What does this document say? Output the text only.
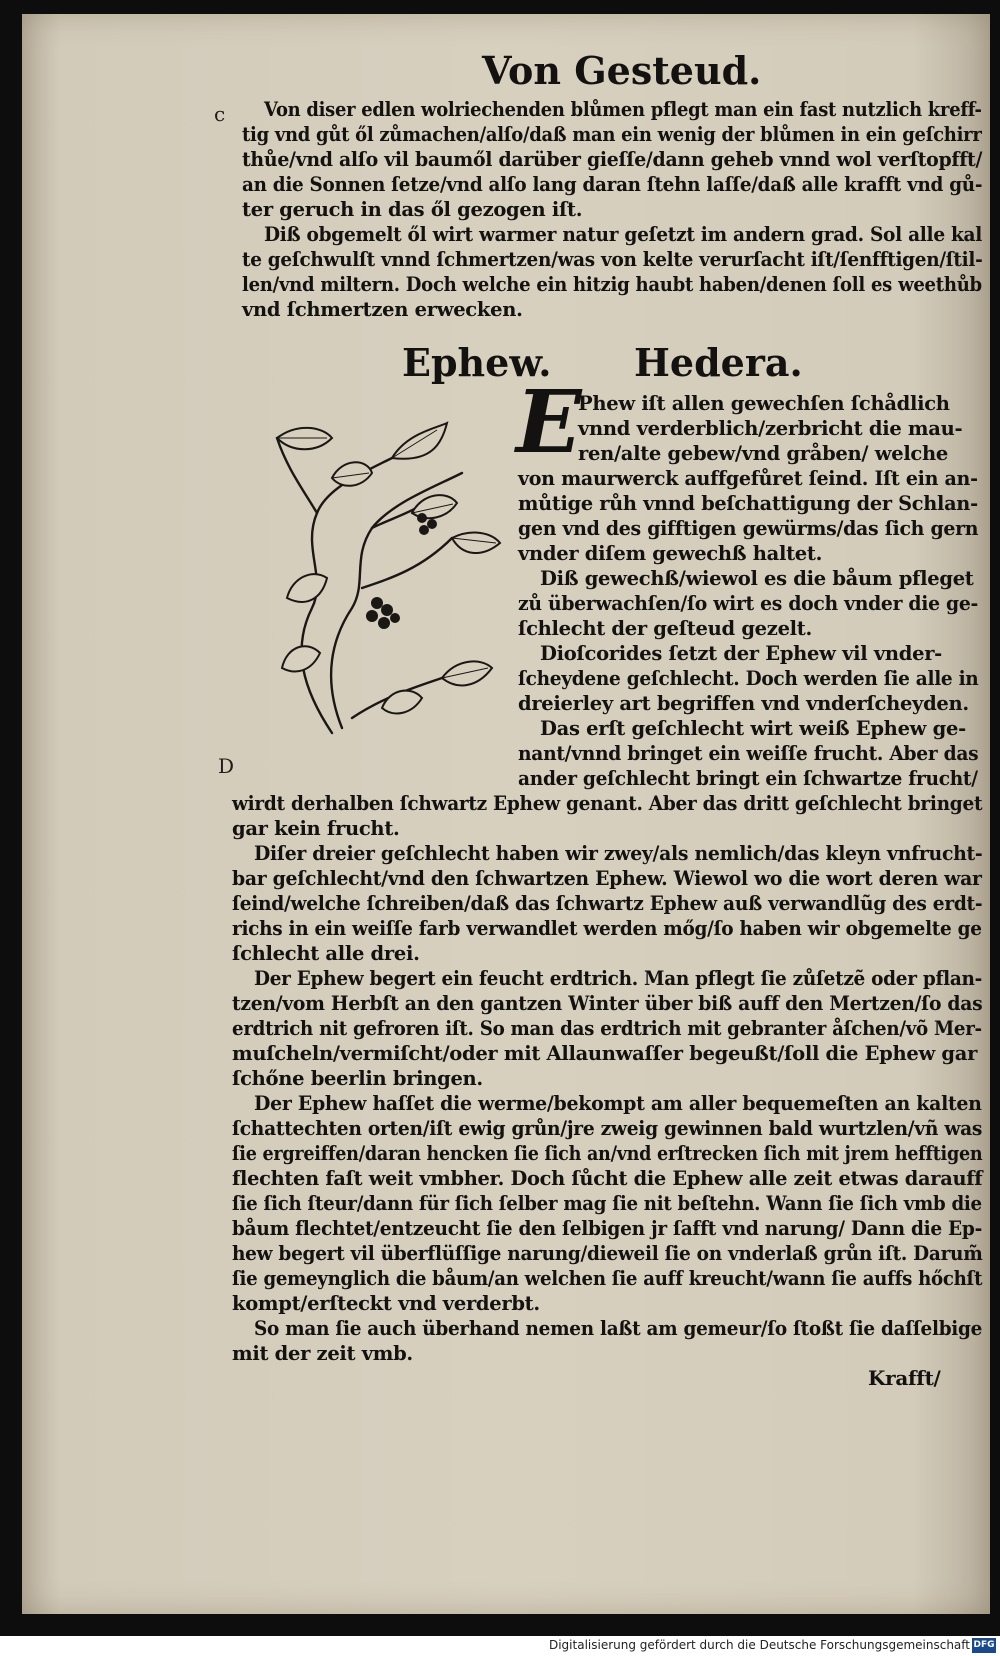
Von Gesteud.
c Von diser edlen wolriechenden blůmen pflegt man ein fast nutzlich kreff-
tig vnd gůt ől zůmachen/alſo/daß man ein wenig der blůmen in ein geſchirr
thůe/vnd alſo vil baumől darüber gieſſe/dann geheb vnnd wol verſtopfft/
an die Sonnen ſetze/vnd alſo lang daran ſtehn laſſe/daß alle krafft vnd gů-
ter geruch in das ől gezogen iſt.
Diß obgemelt ől wirt warmer natur geſetzt im andern grad. Sol alle kal
te geſchwulſt vnnd ſchmertzen/was von kelte verurſacht iſt/ſenfftigen/ſtil-
len/vnd miltern. Doch welche ein hitzig haubt haben/denen ſoll es weethůb
vnd ſchmertzen erwecken.
Ephew. Hedera.
D
E
Phew iſt allen gewechſen ſchådlich
vnnd verderblich/zerbricht die mau-
ren/alte gebew/vnd gråben/ welche
von maurwerck auffgefůret ſeind. Iſt ein an-
můtige růh vnnd beſchattigung der Schlan-
gen vnd des gifftigen gewürms/das ſich gern
vnder diſem gewechß haltet.
Diß gewechß/wiewol es die båum pfleget
zů überwachſen/ſo wirt es doch vnder die ge-
ſchlecht der geſteud gezelt.
Dioſcorides ſetzt der Ephew vil vnder-
ſcheydene geſchlecht. Doch werden ſie alle in
dreierley art begriffen vnd vnderſcheyden.
Das erſt geſchlecht wirt weiß Ephew ge-
nant/vnnd bringet ein weiſſe frucht. Aber das
ander geſchlecht bringt ein ſchwartze frucht/
wirdt derhalben ſchwartz Ephew genant. Aber das dritt geſchlecht bringet
gar kein frucht.
Diſer dreier geſchlecht haben wir zwey/als nemlich/das kleyn vnfrucht-
bar geſchlecht/vnd den ſchwartzen Ephew. Wiewol wo die wort deren war
ſeind/welche ſchreiben/daß das ſchwartz Ephew auß verwandlũg des erdt-
richs in ein weiſſe farb verwandlet werden mőg/ſo haben wir obgemelte ge
ſchlecht alle drei.
Der Ephew begert ein feucht erdtrich. Man pflegt ſie zůſetzẽ oder pflan-
tzen/vom Herbſt an den gantzen Winter über biß auff den Mertzen/ſo das
erdtrich nit gefroren iſt. So man das erdtrich mit gebranter åſchen/võ Mer-
muſcheln/vermiſcht/oder mit Allaunwaſſer begeußt/ſoll die Ephew gar
ſchőne beerlin bringen.
Der Ephew haſſet die werme/bekompt am aller bequemeſten an kalten
ſchattechten orten/iſt ewig grůn/jre zweig gewinnen bald wurtzlen/vñ was
ſie ergreiffen/daran hencken ſie ſich an/vnd erſtrecken ſich mit jrem hefftigen
flechten faſt weit vmbher. Doch ſůcht die Ephew alle zeit etwas darauff
ſie ſich ſteur/dann für ſich ſelber mag ſie nit beſtehn. Wann ſie ſich vmb die
båum flechtet/entzeucht ſie den ſelbigen jr ſafft vnd narung/ Dann die Ep-
hew begert vil überflüſſige narung/dieweil ſie on vnderlaß grůn iſt. Darum̃
ſie gemeynglich die båum/an welchen ſie auff kreucht/wann ſie auffs hőchſt
kompt/erſteckt vnd verderbt.
So man ſie auch überhand nemen laßt am gemeur/ſo ſtoßt ſie daſſelbige
mit der zeit vmb.
Krafft/
Digitalisierung gefördert durch die Deutsche Forschungsgemeinschaft DFG
